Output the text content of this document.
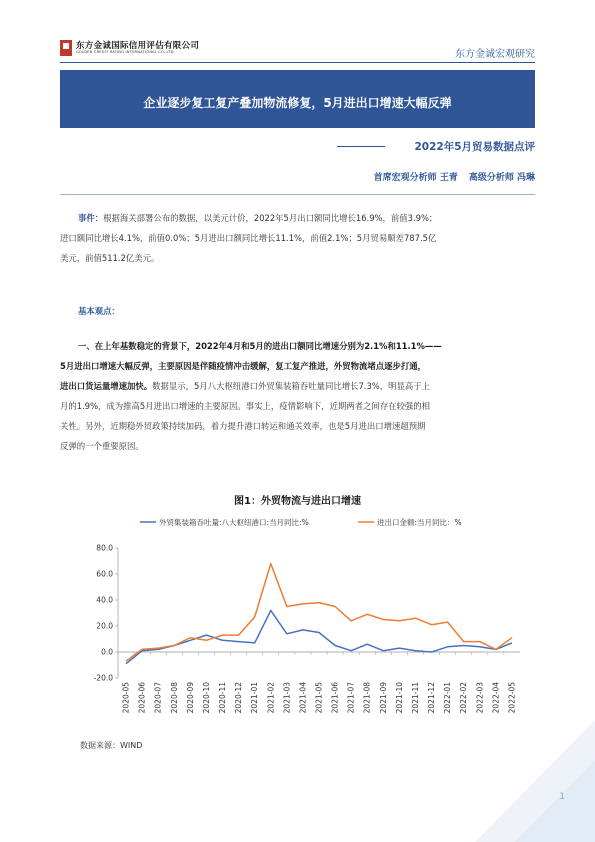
东方金诚国际信用评估有限公司
GOLDEN CREDIT RATING INTERNATIONAL CO.,LTD.	东方金诚宏观研究
企业逐步复工复产叠加物流修复，5月进出口增速大幅反弹
2022年5月贸易数据点评
首席宏观分析师 王青 高级分析师 冯琳
事件：根据海关部署公布的数据，以美元计价，2022年5月出口额同比增长16.9%，前值3.9%；
进口额同比增长4.1%，前值0.0%；5月进出口额同比增长11.1%，前值2.1%；5月贸易顺差787.5亿
美元，前值511.2亿美元。
基本观点：
一、在上年基数稳定的背景下，2022年4月和5月的进出口额同比增速分别为2.1%和11.1%——
5月进出口增速大幅反弹，主要原因是伴随疫情冲击缓解，复工复产推进，外贸物流堵点逐步打通，
进出口货运量增速加快。数据显示，5月八大枢纽港口外贸集装箱吞吐量同比增长7.3%，明显高于上
月的1.9%，成为推高5月进出口增速的主要原因。事实上，疫情影响下，近期两者之间存在较强的相
关性。另外，近期稳外贸政策持续加码，着力提升港口转运和通关效率，也是5月进出口增速超预期
反弹的一个重要原因。
图1：外贸物流与进出口增速
外贸集装箱吞吐量:八大枢纽港口:当月同比:%	进出口金额:当月同比：%
80.0
60.0
40.0
20.0
0.0
-20.0
2020-05 2020-06 2020-07 2020-08 2020-09 2020-10 2020-11 2020-12 2021-01 2021-02 2021-03 2021-04 2021-05 2021-06 2021-07 2021-08 2021-09 2021-10 2021-11 2021-12 2022-01 2022-02 2022-03 2022-04 2022-05
数据来源：WIND
1
